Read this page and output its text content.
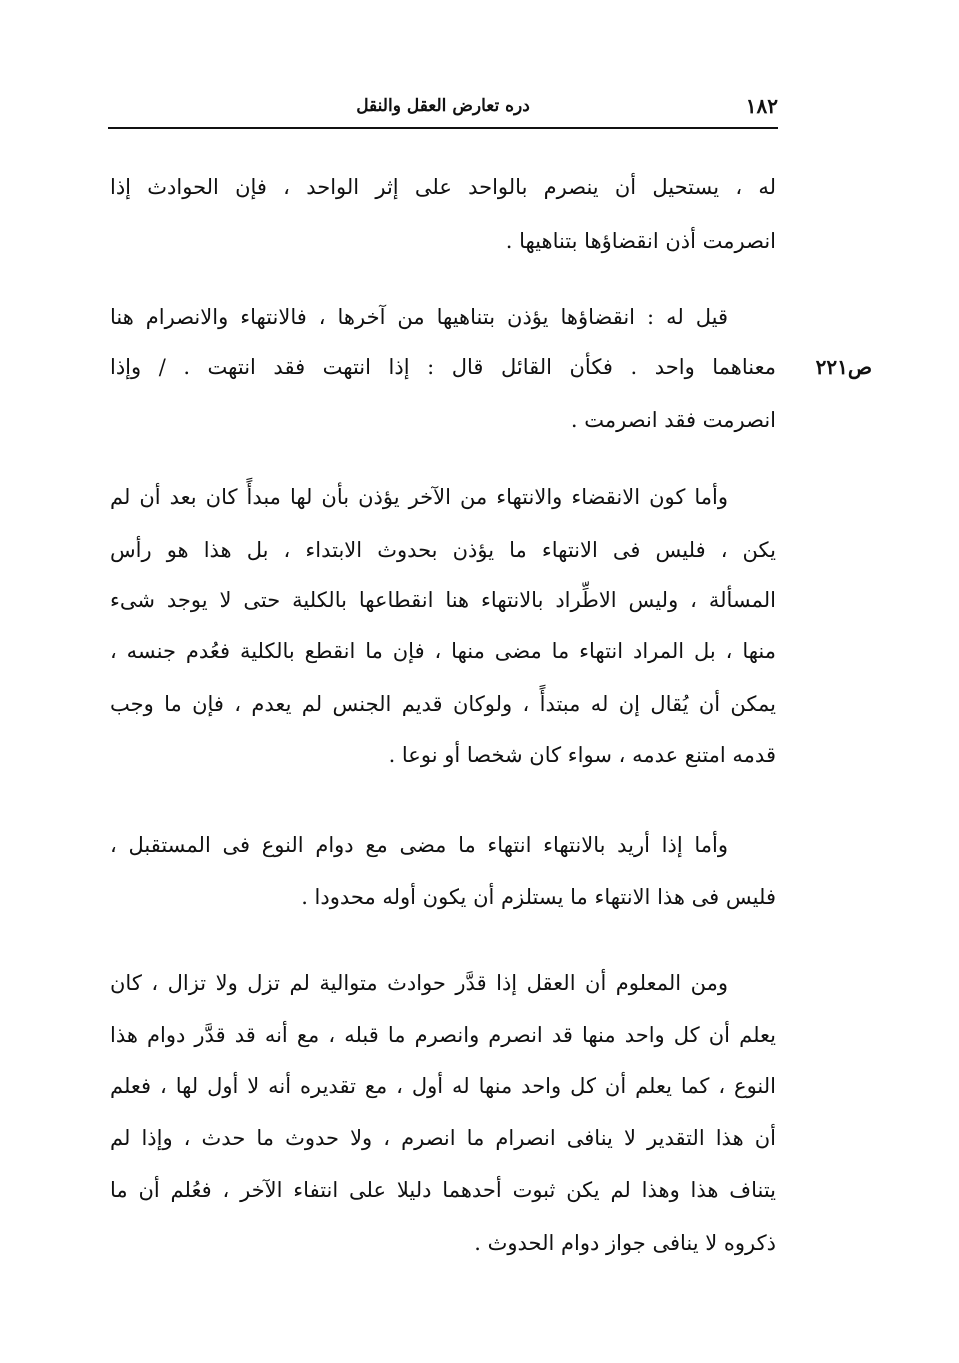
١٨٢
دره تعارض العقل والنقل
ص٢٢١
له ، يستحيل أن ينصرم بالواحد على إثر الواحد ، فإن الحوادث إذا
انصرمت أذن انقضاؤها بتناهيها .
قيل له : انقضاؤها يؤذن بتناهيها من آخرها ، فالانتهاء والانصرام هنا
معناهما واحد . فكأن القائل قال : إذا انتهت فقد انتهت . / وإذا
انصرمت فقد انصرمت .
وأما كون الانقضاء والانتهاء من الآخر يؤذن بأن لها مبدأً كان بعد أن لم
يكن ، فليس فى الانتهاء ما يؤذن بحدوث الابتداء ، بل هذا هو رأس
المسألة ، وليس الاطِّراد بالانتهاء هنا انقطاعها بالكلية حتى لا يوجد شىء
منها ، بل المراد انتهاء ما مضى منها ، فإن ما انقطع بالكلية فعُدم جنسه ،
يمكن أن يُقال إن له مبتدأً ، ولوكان قديم الجنس لم يعدم ، فإن ما وجب
قدمه امتنع عدمه ، سواء كان شخصا أو نوعا .
وأما إذا أريد بالانتهاء انتهاء ما مضى مع دوام النوع فى المستقبل ،
فليس فى هذا الانتهاء ما يستلزم أن يكون أوله محدودا .
ومن المعلوم أن العقل إذا قدَّر حوادث متوالية لم تزل ولا تزال ، كان
يعلم أن كل واحد منها قد انصرم وانصرم ما قبله ، مع أنه قد قدَّر دوام هذا
النوع ، كما يعلم أن كل واحد منها له أول ، مع تقديره أنه لا أول لها ، فعلم
أن هذا التقدير لا ينافى انصرام ما انصرم ، ولا حدوث ما حدث ، وإذا لم
يتناف هذا وهذا لم يكن ثبوت أحدهما دليلا على انتفاء الآخر ، فعُلم أن ما
ذكروه لا ينافى جواز دوام الحدوث .
